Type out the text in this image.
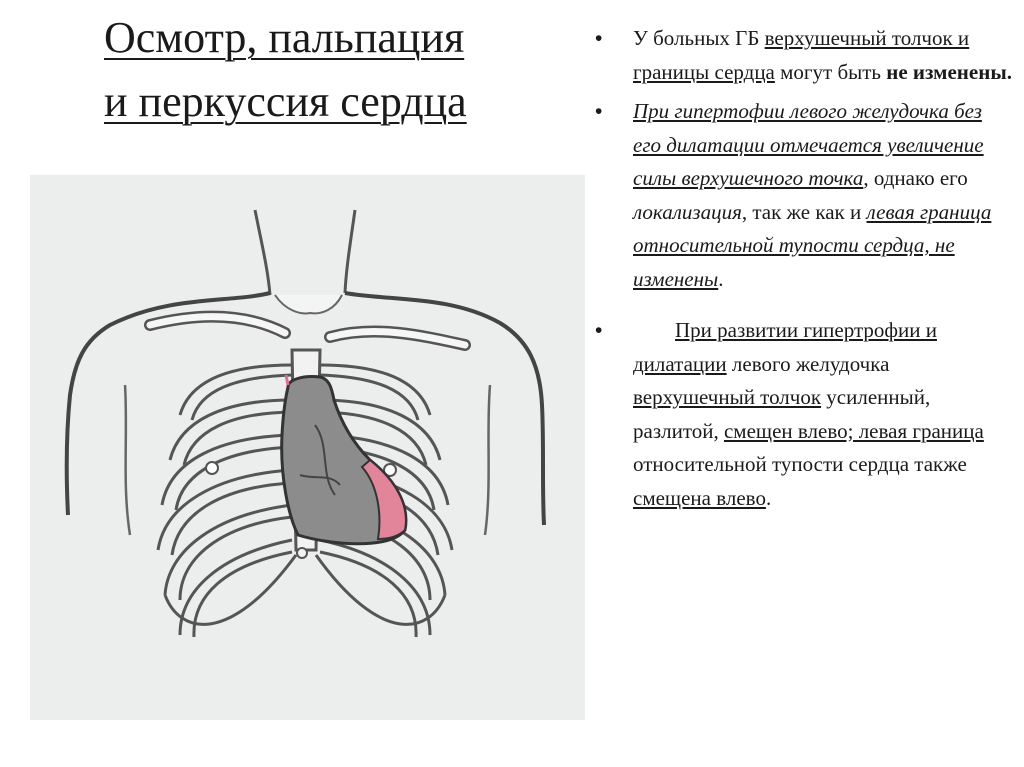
Осмотр, пальпация
и перкуссия сердца
• У больных ГБ верхушечный толчок и границы сердца могут быть не изменены.
• При гипертофии левого желудочка без его дилатации отмечается увеличение силы верхушечного точка, однако его локализация, так же как и левая граница относительной тупости сердца, не изменены.
• При развитии гипертрофии и дилатации левого желудочка верхушечный толчок усиленный, разлитой, смещен влево; левая граница относительной тупости сердца также смещена влево.
